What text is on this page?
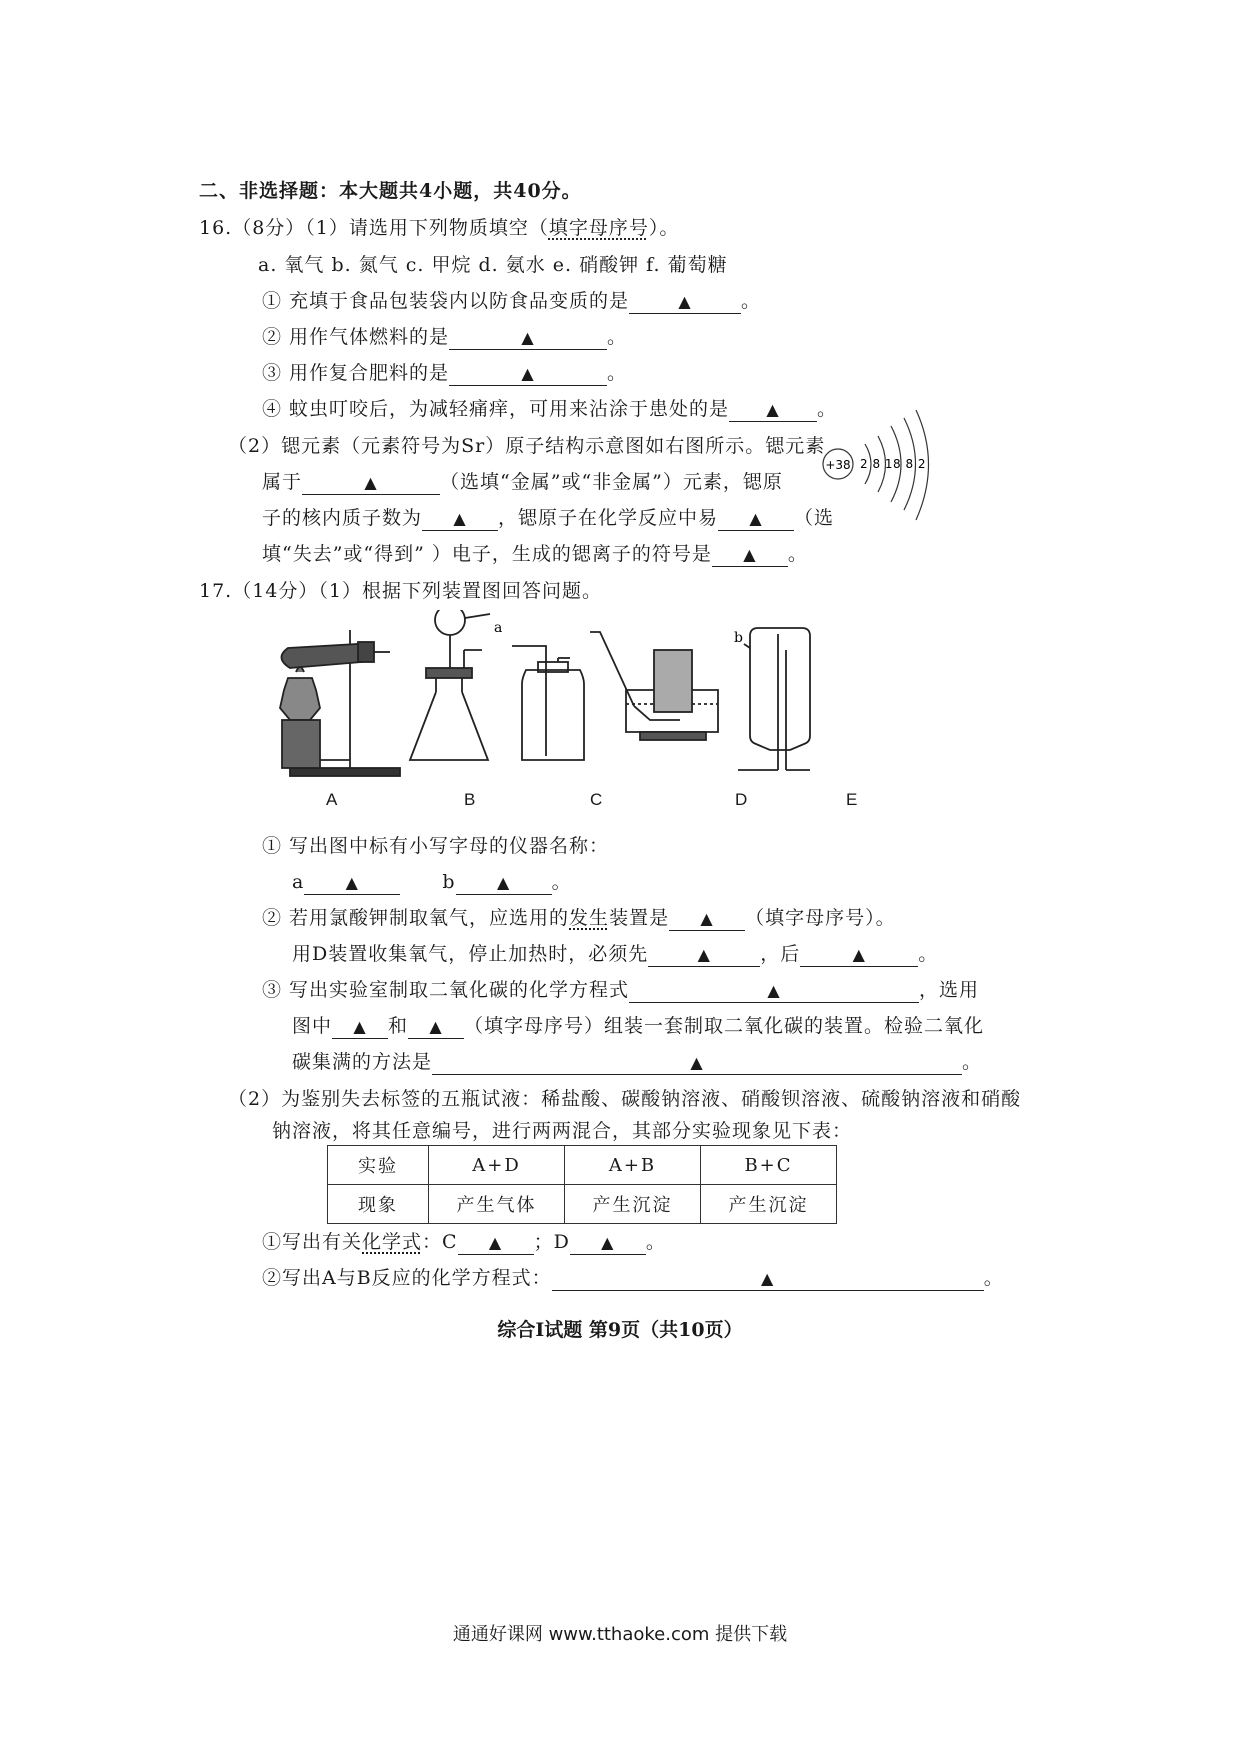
二、非选择题：本大题共4小题，共40分。
16.（8分）（1）请选用下列物质填空（填字母序号）。
a. 氧气 b. 氮气 c. 甲烷 d. 氨水 e. 硝酸钾 f. 葡萄糖
① 充填于食品包装袋内以防食品变质的是	▲	。
② 用作气体燃料的是	▲	。
③ 用作复合肥料的是	▲	。
④ 蚊虫叮咬后，为减轻痛痒，可用来沾涂于患处的是 ▲ 。
（2）锶元素（元素符号为Sr）原子结构示意图如右图所示。锶元素
属于	▲	（选填“金属”或“非金属”）元素，锶原
子的核内质子数为 ▲ ，锶原子在化学反应中易 ▲ （选
填“失去”或“得到” ）电子，生成的锶离子的符号是 ▲ 。
+38 2 8 18 8 2
17.（14分）（1）根据下列装置图回答问题。
a
b
A	B	C	D	E
① 写出图中标有小写字母的仪器名称：
a	▲	b	▲ 。
② 若用氯酸钾制取氧气，应选用的发生装置是 ▲ （填字母序号）。
用D装置收集氧气，停止加热时，必须先	▲	，后	▲	。
③ 写出实验室制取二氧化碳的化学方程式	▲	，选用
图中 ▲ 和 ▲ （填字母序号）组装一套制取二氧化碳的装置。检验二氧化
碳集满的方法是	▲	。
（2）为鉴别失去标签的五瓶试液：稀盐酸、碳酸钠溶液、硝酸钡溶液、硫酸钠溶液和硝酸
钠溶液，将其任意编号，进行两两混合，其部分实验现象见下表：
实验	A+D	A+B	B+C
现象	产生气体	产生沉淀	产生沉淀
①写出有关化学式：C ▲ ；D ▲ 。
②写出A与B反应的化学方程式：	▲	。
综合Ⅰ试题 第9页（共10页）
通通好课网 www.tthaoke.com 提供下载
